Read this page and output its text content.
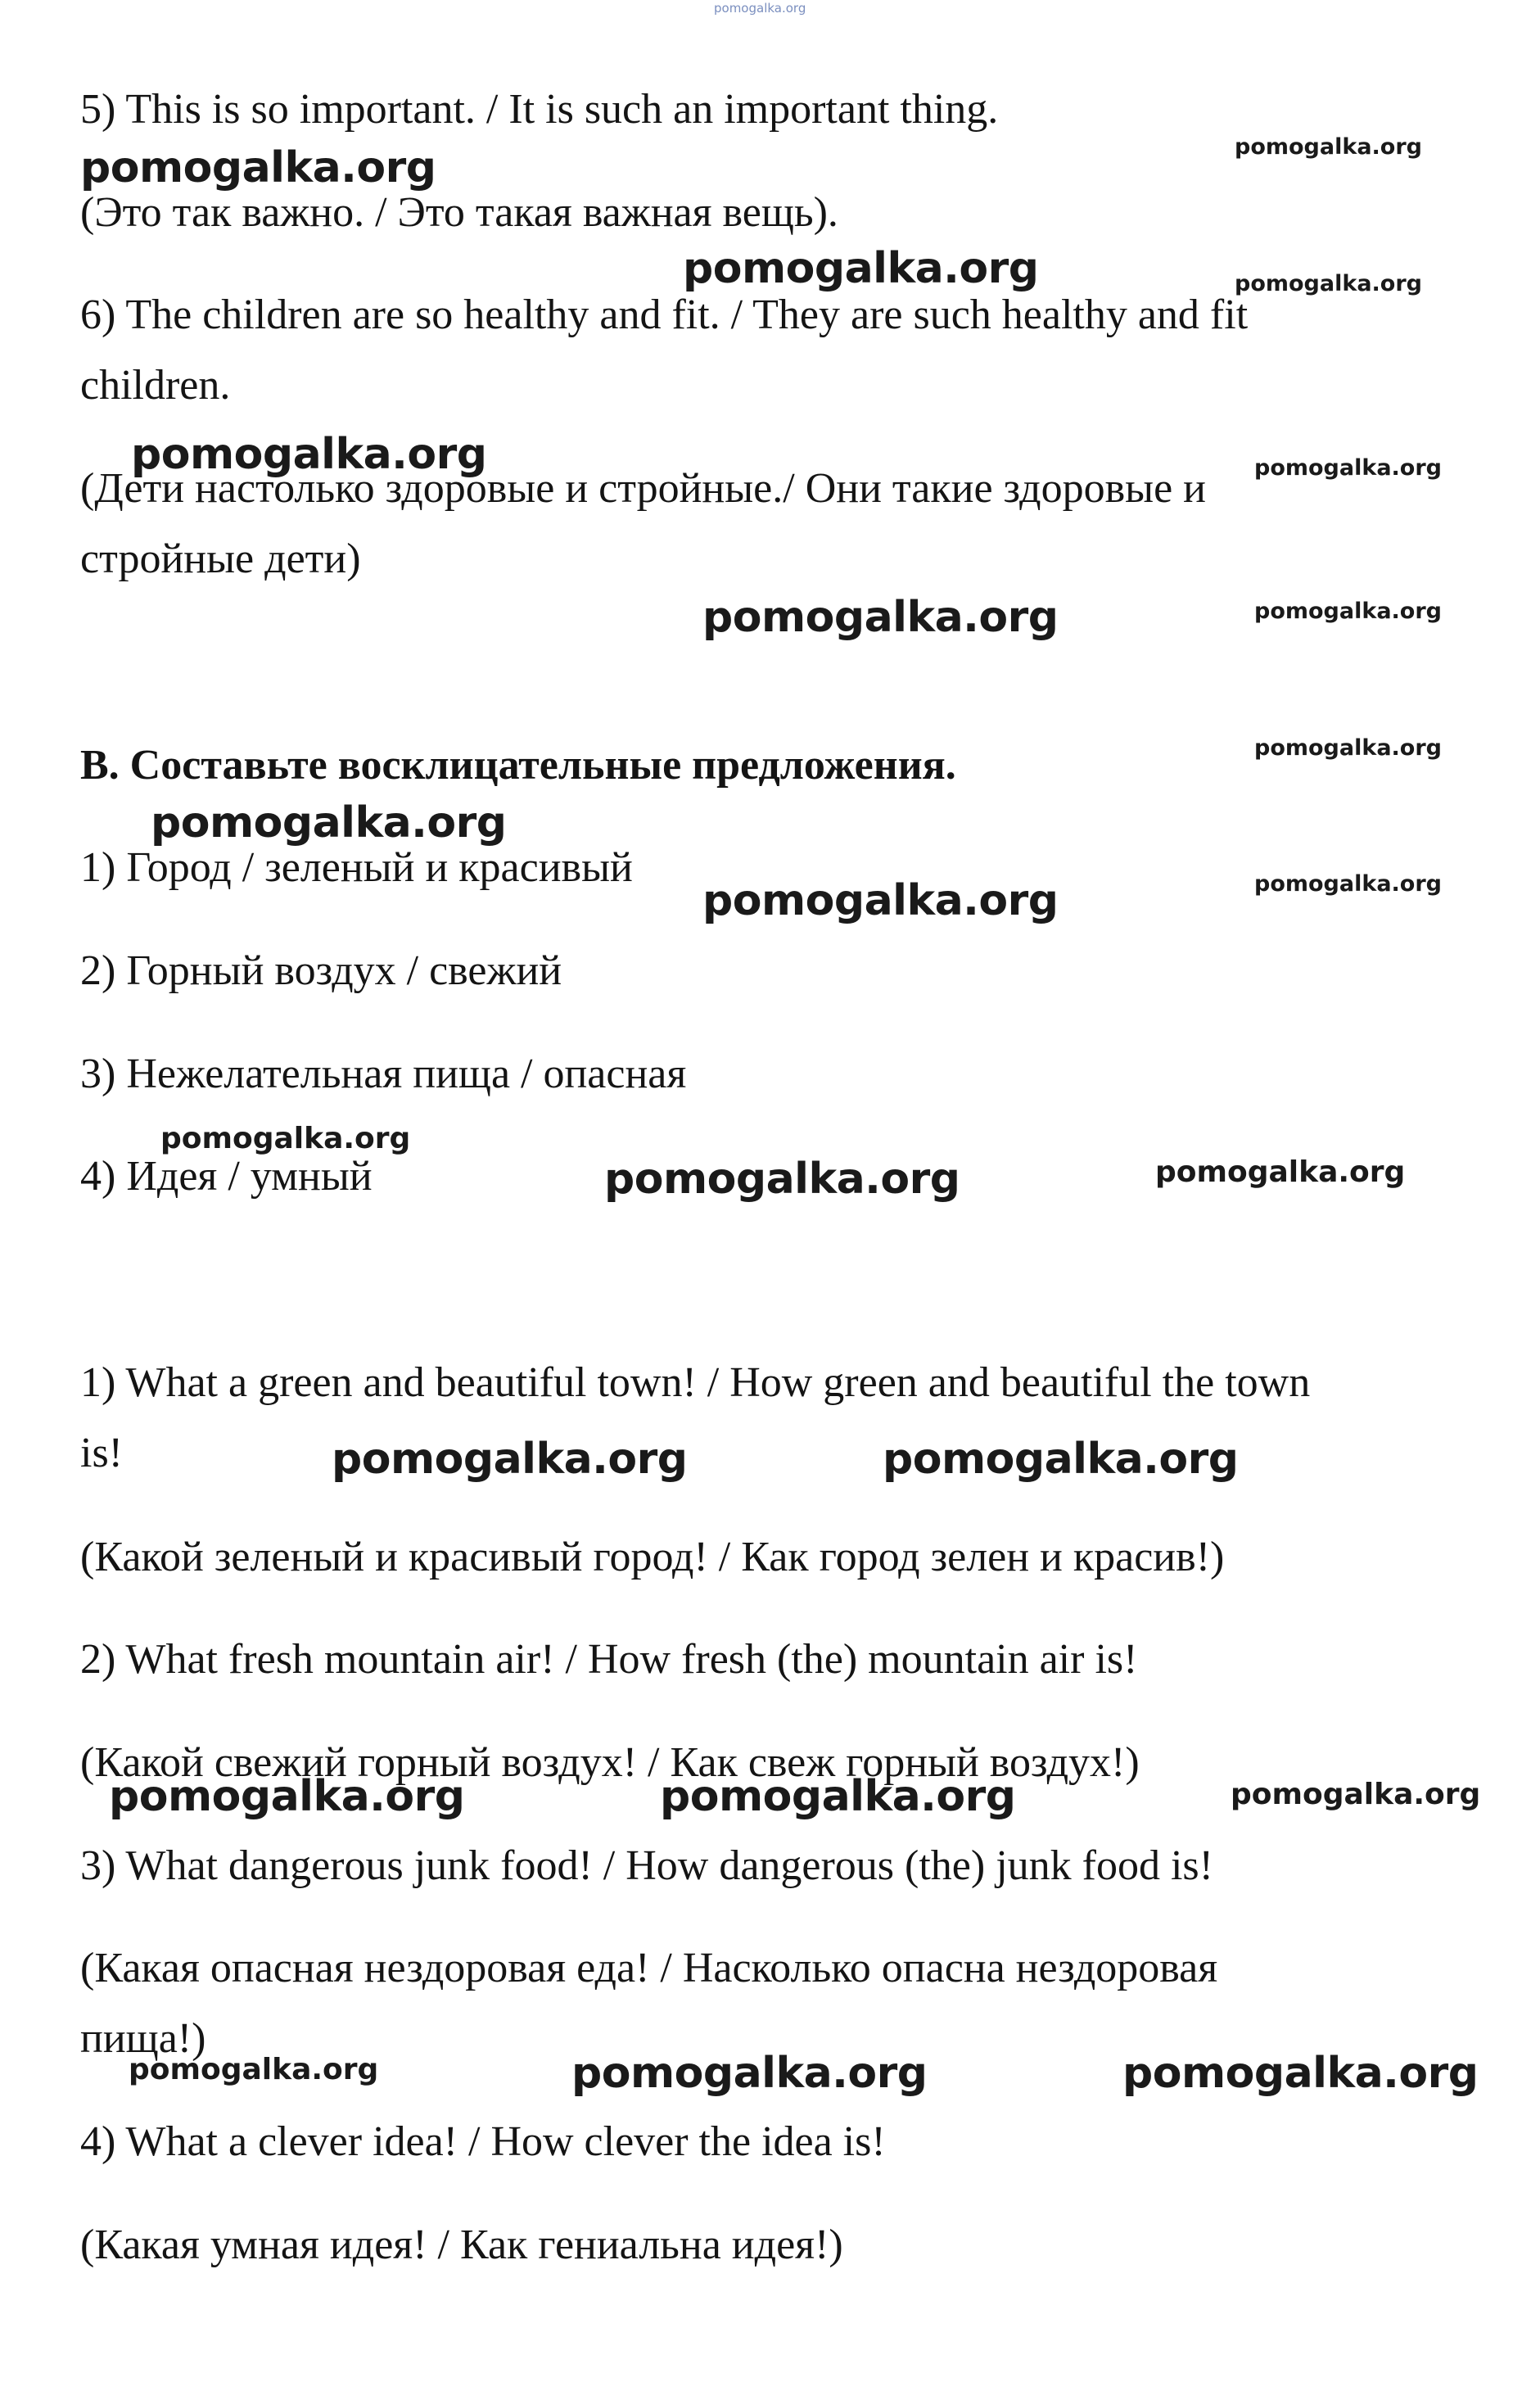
pomogalka.org

5) This is so important. / It is such an important thing.

(Это так важно. / Это такая важная вещь).

6) The children are so healthy and fit. / They are such healthy and fit

children.

(Дети настолько здоровые и стройные./ Они такие здоровые и

стройные дети)

B. Составьте восклицательные предложения.

1) Город / зеленый и красивый

2) Горный воздух / свежий

3) Нежелательная пища / опасная

4) Идея / умный

1) What a green and beautiful town! / How green and beautiful the town

is!

(Какой зеленый и красивый город! / Как город зелен и красив!)

2) What fresh mountain air! / How fresh (the) mountain air is!

(Какой свежий горный воздух! / Как свеж горный воздух!)

3) What dangerous junk food! / How dangerous (the) junk food is!

(Какая опасная нездоровая еда! / Насколько опасна нездоровая

пища!)

4) What a clever idea! / How clever the idea is!

(Какая умная идея! / Как гениальна идея!)

pomogalka.org	pomogalka.org
pomogalka.org	pomogalka.org
pomogalka.org	pomogalka.org
pomogalka.org	pomogalka.org
pomogalka.org
pomogalka.org
pomogalka.org	pomogalka.org
pomogalka.org
pomogalka.org	pomogalka.org
pomogalka.org	pomogalka.org
pomogalka.org	pomogalka.org	pomogalka.org
pomogalka.org	pomogalka.org	pomogalka.org
